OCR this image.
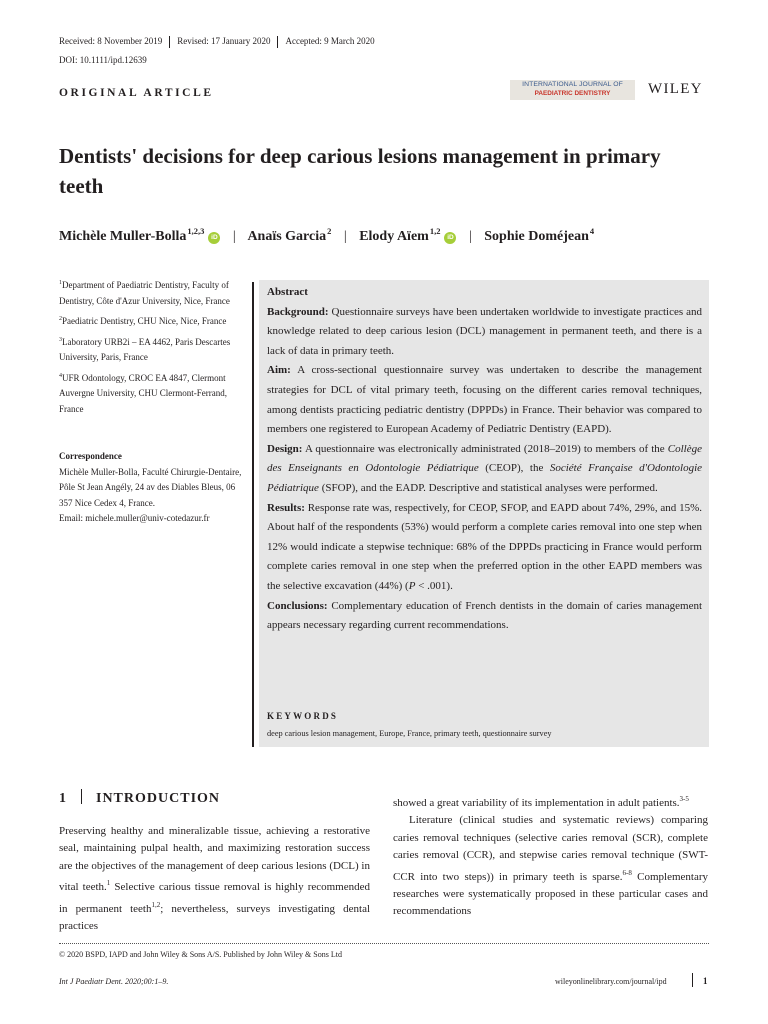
Received: 8 November 2019 Revised: 17 January 2020 Accepted: 9 March 2020
DOI: 10.1111/ipd.12639
ORIGINAL ARTICLE
INTERNATIONAL JOURNAL OF
PAEDIATRIC DENTISTRY	WILEY
Dentists' decisions for deep carious lesions management in primary teeth
Michèle Muller-Bolla$^{1,2,3}$iD | Anaïs Garcia$^2$ | Elody Aïem$^{1,2}$iD | Sophie Doméjean$^4$

$^1$Department of Paediatric Dentistry, Faculty of Dentistry, Côte d'Azur University, Nice, France

$^2$Paediatric Dentistry, CHU Nice, Nice, France

$^3$Laboratory URB2i – EA 4462, Paris Descartes University, Paris, France

$^4$UFR Odontology, CROC EA 4847, Clermont Auvergne University, CHU Clermont-Ferrand, France

Correspondence
Michèle Muller-Bolla, Faculté Chirurgie-Dentaire, Pôle St Jean Angély, 24 av des Diables Bleus, 06 357 Nice Cedex 4, France.
Email: michele.muller@univ-cotedazur.fr

Abstract

Background: Questionnaire surveys have been undertaken worldwide to investigate practices and knowledge related to deep carious lesion (DCL) management in permanent teeth, and there is a lack of data in primary teeth.

Aim: A cross-sectional questionnaire survey was undertaken to describe the management strategies for DCL of vital primary teeth, focusing on the different caries removal techniques, among dentists practicing pediatric dentistry (DPPDs) in France. Their behavior was compared to members one registered to European Academy of Pediatric Dentistry (EAPD).

Design: A questionnaire was electronically administrated (2018–2019) to members of the Collège des Enseignants en Odontologie Pédiatrique (CEOP), the Société Française d'Odontologie Pédiatrique (SFOP), and the EADP. Descriptive and statistical analyses were performed.

Results: Response rate was, respectively, for CEOP, SFOP, and EAPD about 74%, 29%, and 15%. About half of the respondents (53%) would perform a complete caries removal into one step when 12% would indicate a stepwise technique: 68% of the DPPDs practicing in France would perform complete caries removal in one step when the preferred option in the other EAPD members was the selective excavation (44%) (P < .001).

Conclusions: Complementary education of French dentists in the domain of caries management appears necessary regarding current recommendations.

KEYWORDS
deep carious lesion management, Europe, France, primary teeth, questionnaire survey
1 INTRODUCTION

Preserving healthy and mineralizable tissue, achieving a restorative seal, maintaining pulpal health, and maximizing restoration success are the objectives of the management of deep carious lesions (DCL) in vital teeth.$^1$ Selective carious tissue removal is highly recommended in permanent teeth$^{1,2}$; nevertheless, surveys investigating dental practices

showed a great variability of its implementation in adult patients.$^{3-5}$

Literature (clinical studies and systematic reviews) comparing caries removal techniques (selective caries removal (SCR), complete caries removal (CCR), and stepwise caries removal technique (SWT-CCR into two steps)) in primary teeth is sparse.$^{6-8}$ Complementary researches were systematically proposed in these particular cases and recommendations

© 2020 BSPD, IAPD and John Wiley & Sons A/S. Published by John Wiley & Sons Ltd
Int J Paediatr Dent. 2020;00:1–9.	wileyonlinelibrary.com/journal/ipd	1
